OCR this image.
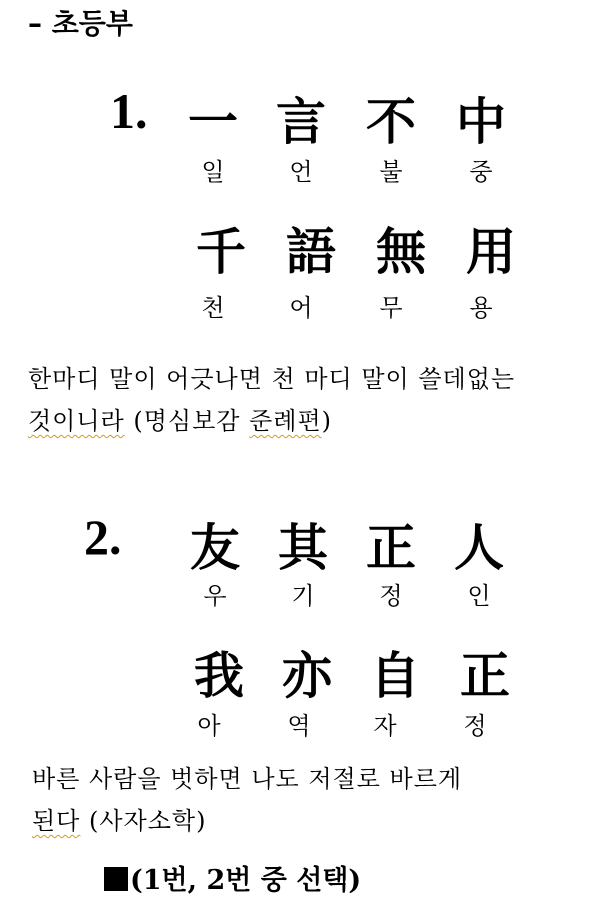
– 초등부
1. 一 言 不 中
일	언	불	중
千 語 無 用
천	어	무	용
한마디 말이 어긋나면 천 마디 말이 쓸데없는
것이니라 (명심보감 준례편)
2.	友 其 正 人
우	기	정	인
我 亦 自 正
아	역	자	정
바른 사람을 벗하면 나도 저절로 바르게
된다 (사자소학)
(1번, 2번 중 선택)
